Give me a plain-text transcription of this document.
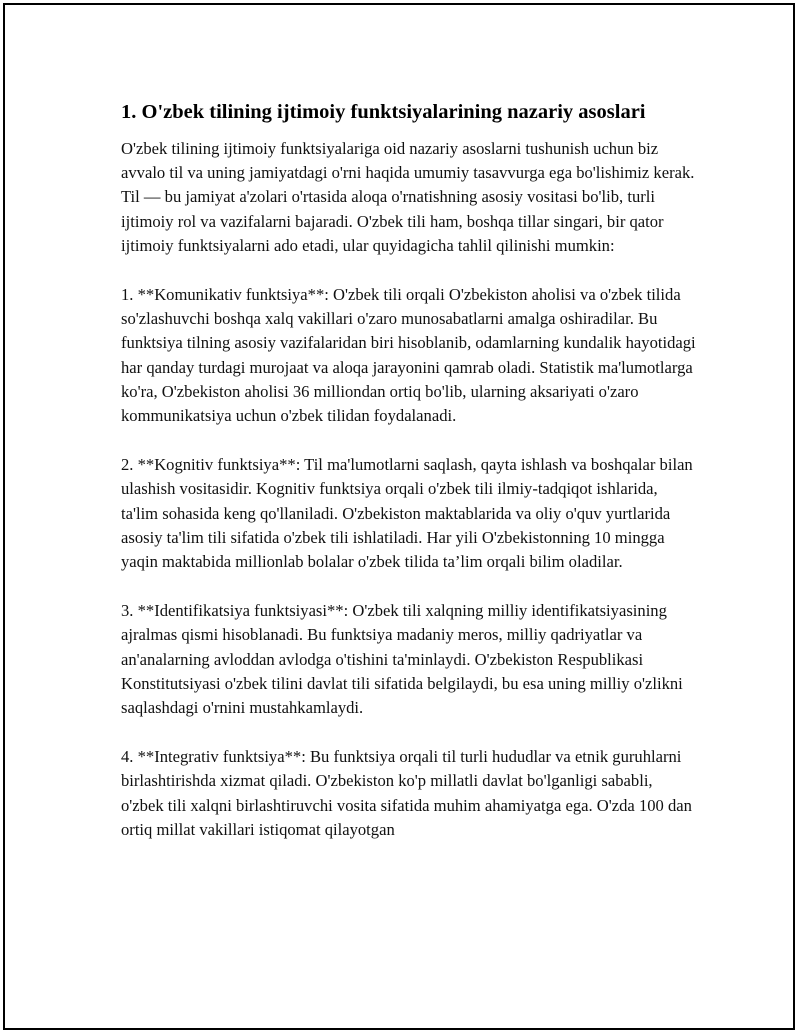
1. O'zbek tilining ijtimoiy funktsiyalarining nazariy asoslari

O'zbek tilining ijtimoiy funktsiyalariga oid nazariy asoslarni tushunish uchun biz avvalo til va uning jamiyatdagi o'rni haqida umumiy tasavvurga ega bo'lishimiz kerak. Til — bu jamiyat a'zolari o'rtasida aloqa o'rnatishning asosiy vositasi bo'lib, turli ijtimoiy rol va vazifalarni bajaradi. O'zbek tili ham, boshqa tillar singari, bir qator ijtimoiy funktsiyalarni ado etadi, ular quyidagicha tahlil qilinishi mumkin:

1. **Komunikativ funktsiya**: O'zbek tili orqali O'zbekiston aholisi va o'zbek tilida so'zlashuvchi boshqa xalq vakillari o'zaro munosabatlarni amalga oshiradilar. Bu funktsiya tilning asosiy vazifalaridan biri hisoblanib, odamlarning kundalik hayotidagi har qanday turdagi murojaat va aloqa jarayonini qamrab oladi. Statistik ma'lumotlarga ko'ra, O'zbekiston aholisi 36 milliondan ortiq bo'lib, ularning aksariyati o'zaro kommunikatsiya uchun o'zbek tilidan foydalanadi.

2. **Kognitiv funktsiya**: Til ma'lumotlarni saqlash, qayta ishlash va boshqalar bilan ulashish vositasidir. Kognitiv funktsiya orqali o'zbek tili ilmiy-tadqiqot ishlarida, ta'lim sohasida keng qo'llaniladi. O'zbekiston maktablarida va oliy o'quv yurtlarida asosiy ta'lim tili sifatida o'zbek tili ishlatiladi. Har yili O'zbekistonning 10 mingga yaqin maktabida millionlab bolalar o'zbek tilida ta’lim orqali bilim oladilar.

3. **Identifikatsiya funktsiyasi**: O'zbek tili xalqning milliy identifikatsiyasining ajralmas qismi hisoblanadi. Bu funktsiya madaniy meros, milliy qadriyatlar va an'analarning avloddan avlodga o'tishini ta'minlaydi. O'zbekiston Respublikasi Konstitutsiyasi o'zbek tilini davlat tili sifatida belgilaydi, bu esa uning milliy o'zlikni saqlashdagi o'rnini mustahkamlaydi.

4. **Integrativ funktsiya**: Bu funktsiya orqali til turli hududlar va etnik guruhlarni birlashtirishda xizmat qiladi. O'zbekiston ko'p millatli davlat bo'lganligi sababli, o'zbek tili xalqni birlashtiruvchi vosita sifatida muhim ahamiyatga ega. O'zda 100 dan ortiq millat vakillari istiqomat qilayotgan
